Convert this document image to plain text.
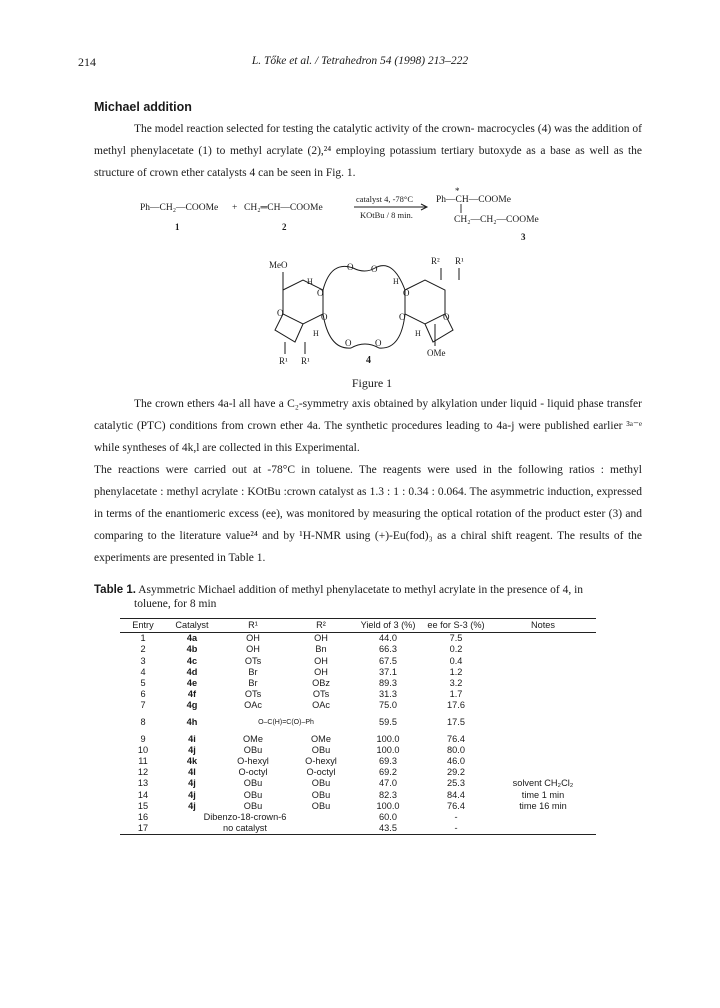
214	L. Tőke et al. / Tetrahedron 54 (1998) 213–222
Michael addition
The model reaction selected for testing the catalytic activity of the crown- macrocycles (4) was the addition of methyl phenylacetate (1) to methyl acrylate (2),²⁴ employing potassium tertiary butoxyde as a base as well as the structure of crown ether catalysts 4 can be seen in Fig. 1.
Ph—CH₂—COOMe + CH₂═CH—COOMe
1	2
catalyst 4, -78°C
KOtBu / 8 min.
*
Ph—CH—COOMe
CH₂—CH₂—COOMe
3
MeO
H	H
O
O O
O
O	O	O	O
O	O
H	H
R¹ R¹
R² R¹
OMe
4
Figure 1
The crown ethers 4a-l all have a C₂-symmetry axis obtained by alkylation under liquid - liquid phase transfer catalytic (PTC) conditions from crown ether 4a. The synthetic procedures leading to 4a-j were published earlier ³ᵃ⁻ᵉ while syntheses of 4k,l are collected in this Experimental.
The reactions were carried out at -78°C in toluene. The reagents were used in the following ratios : methyl phenylacetate : methyl acrylate : KOtBu :crown catalyst as 1.3 : 1 : 0.34 : 0.064. The asymmetric induction, expressed in terms of the enantiomeric excess (ee), was monitored by measuring the optical rotation of the product ester (3) and comparing to the literature value²⁴ and by ¹H-NMR using (+)-Eu(fod)₃ as a chiral shift reagent. The results of the experiments are presented in Table 1.
Table 1. Asymmetric Michael addition of methyl phenylacetate to methyl acrylate in the presence of 4, in
toluene, for 8 min
Entry	Catalyst	R¹	R²	Yield of 3 (%)	ee for S-3 (%)	Notes
1	4a	OH	OH	44.0	7.5	
2	4b	OH	Bn	66.3	0.2	
3	4c	OTs	OH	67.5	0.4	
4	4d	Br	OH	37.1	1.2	
5	4e	Br	OBz	89.3	3.2	
6	4f	OTs	OTs	31.3	1.7	
7	4g	OAc	OAc	75.0	17.6	
8	4h	O–C(H)=C(O)–Ph		59.5	17.5	
9	4i	OMe	OMe	100.0	76.4	
10	4j	OBu	OBu	100.0	80.0	
11	4k	O-hexyl	O-hexyl	69.3	46.0	
12	4l	O-octyl	O-octyl	69.2	29.2	
13	4j	OBu	OBu	47.0	25.3	solvent CH₂Cl₂
14	4j	OBu	OBu	82.3	84.4	time 1 min
15	4j	OBu	OBu	100.0	76.4	time 16 min
16	Dibenzo-18-crown-6			60.0	-	
17	no catalyst			43.5	-	
